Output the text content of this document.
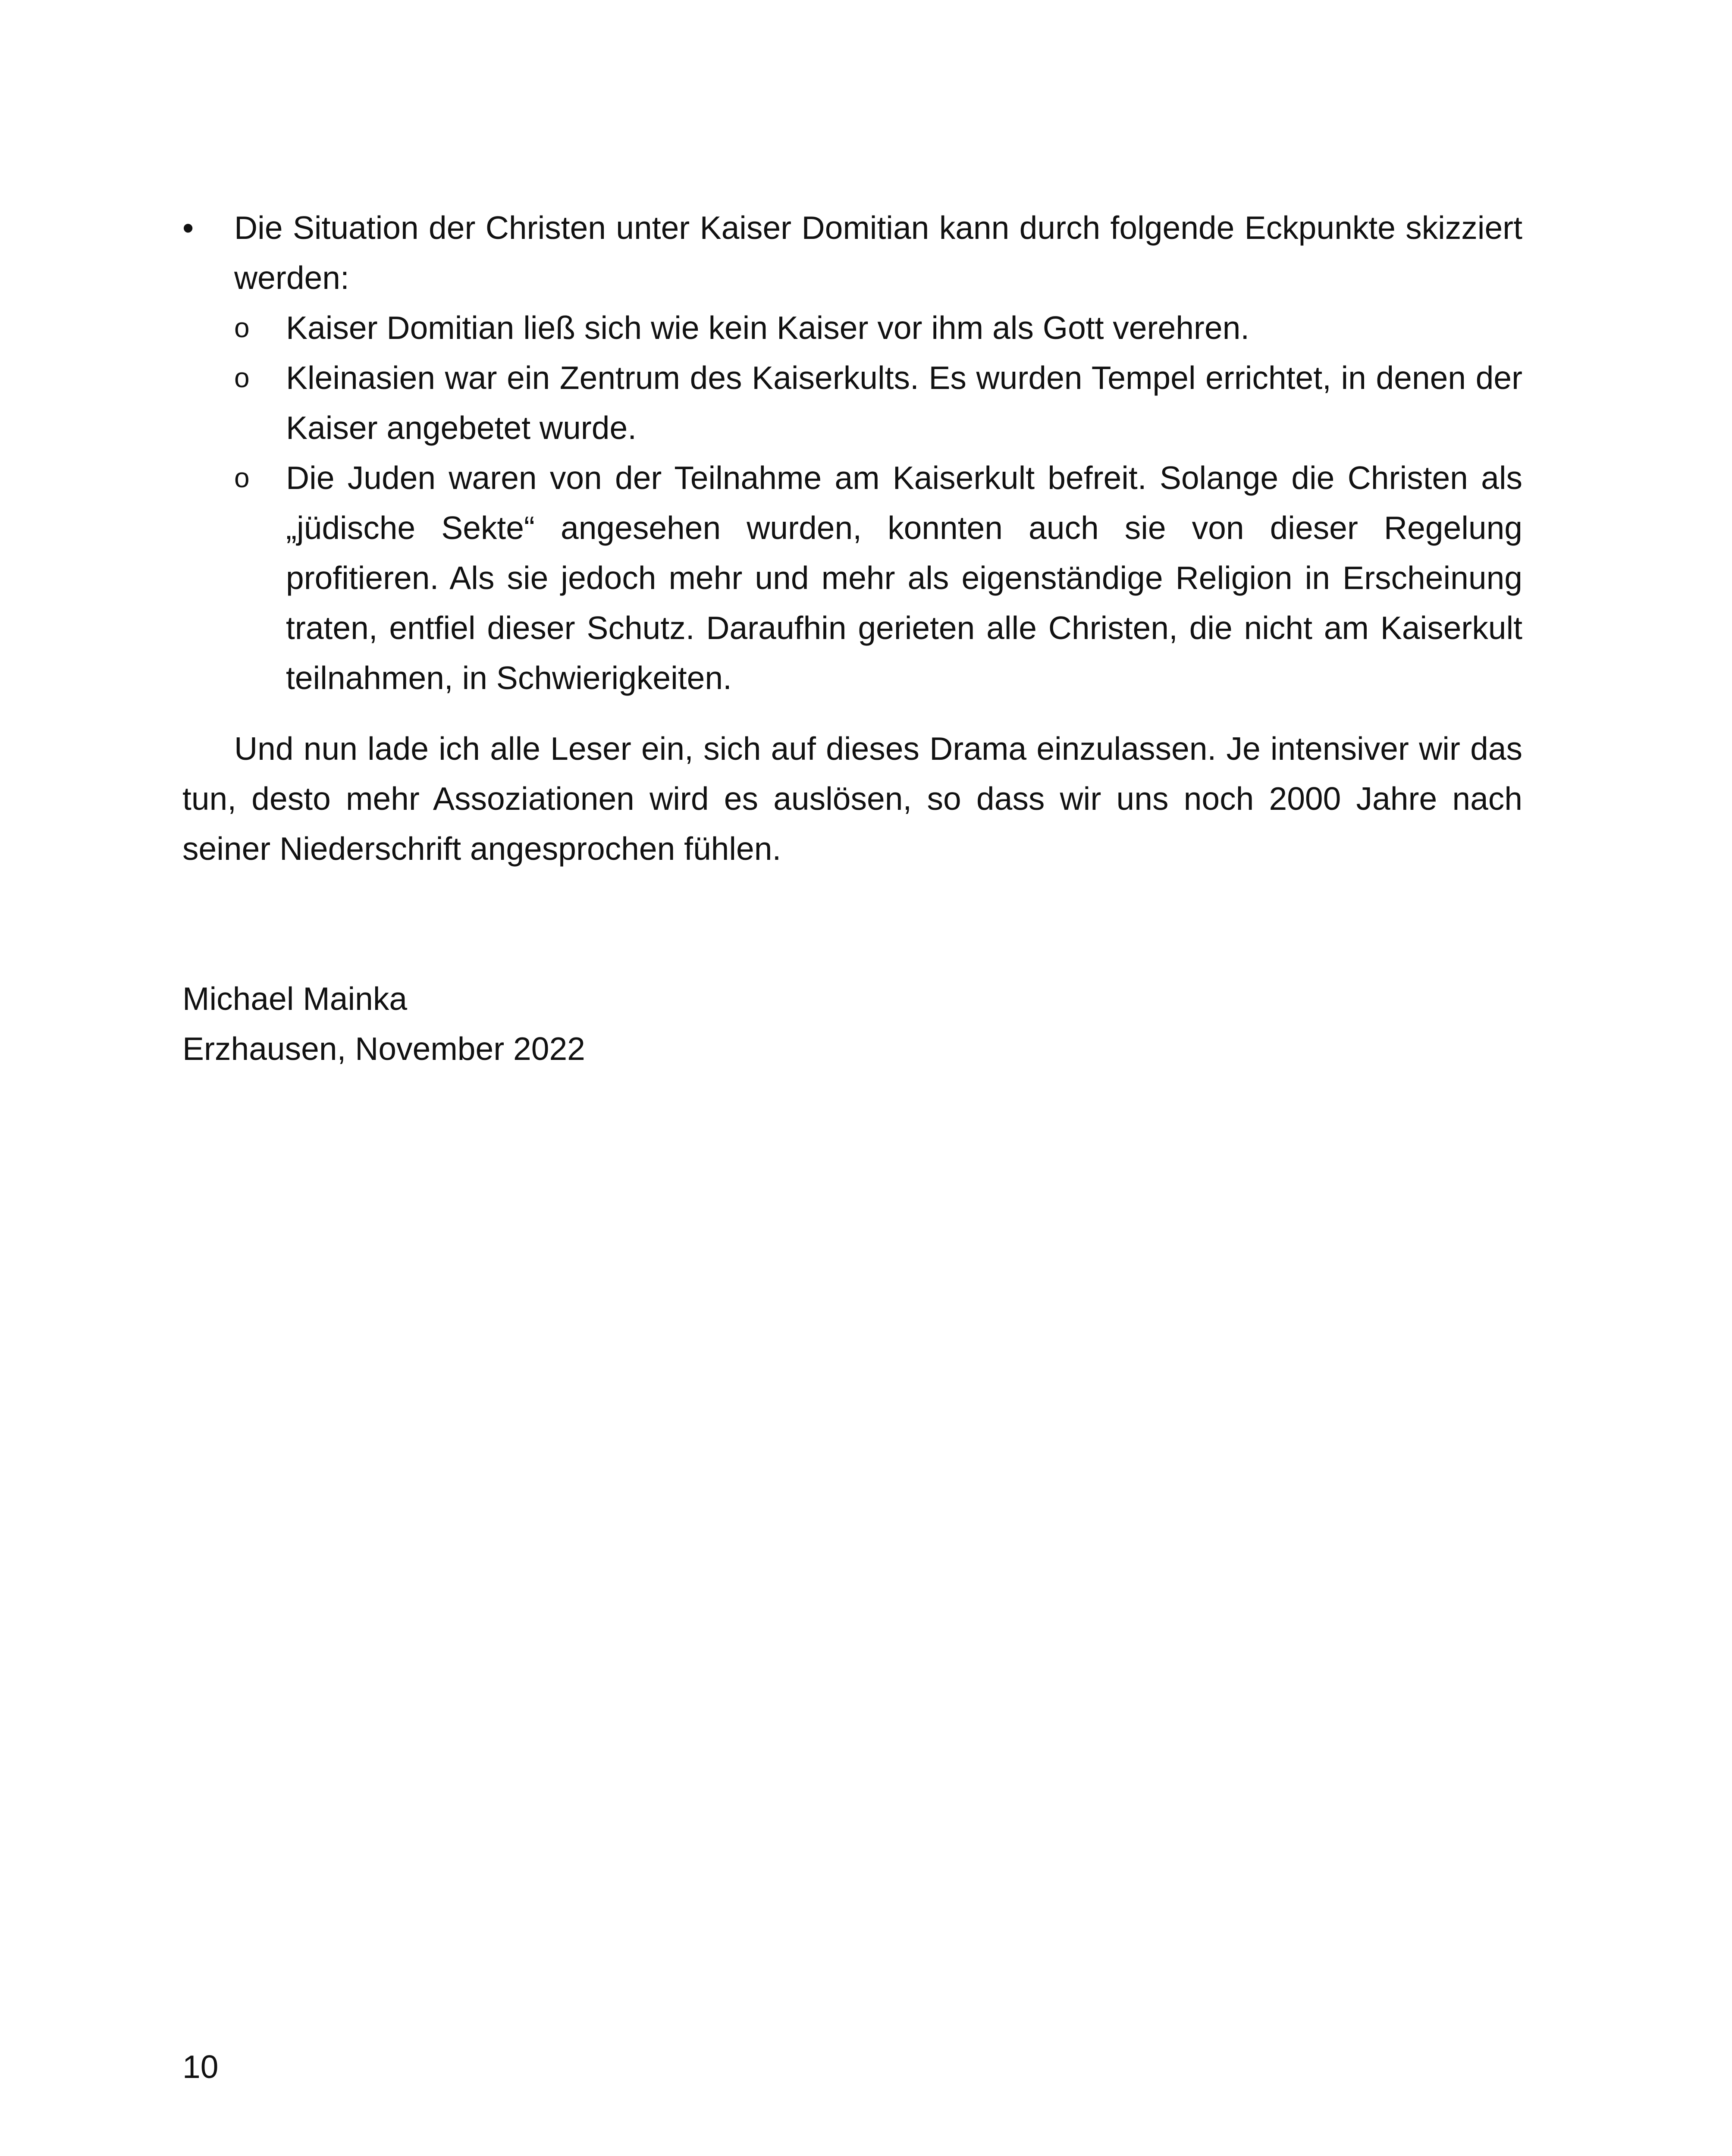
•	Die Situation der Christen unter Kaiser Domitian kann durch folgende Eckpunkte skizziert werden:
o	Kaiser Domitian ließ sich wie kein Kaiser vor ihm als Gott verehren.
o	Kleinasien war ein Zentrum des Kaiserkults. Es wurden Tempel errichtet, in denen der Kaiser angebetet wurde.
o	Die Juden waren von der Teilnahme am Kaiserkult befreit. Solange die Christen als „jüdische Sekte“ angesehen wurden, konnten auch sie von dieser Regelung profitieren. Als sie jedoch mehr und mehr als eigenständige Religion in Erscheinung traten, entfiel dieser Schutz. Daraufhin gerieten alle Christen, die nicht am Kaiserkult teilnahmen, in Schwierigkeiten.

Und nun lade ich alle Leser ein, sich auf dieses Drama einzulassen. Je intensiver wir das tun, desto mehr Assoziationen wird es auslösen, so dass wir uns noch 2000 Jahre nach seiner Niederschrift angesprochen fühlen.

Michael Mainka
Erzhausen, November 2022
10
